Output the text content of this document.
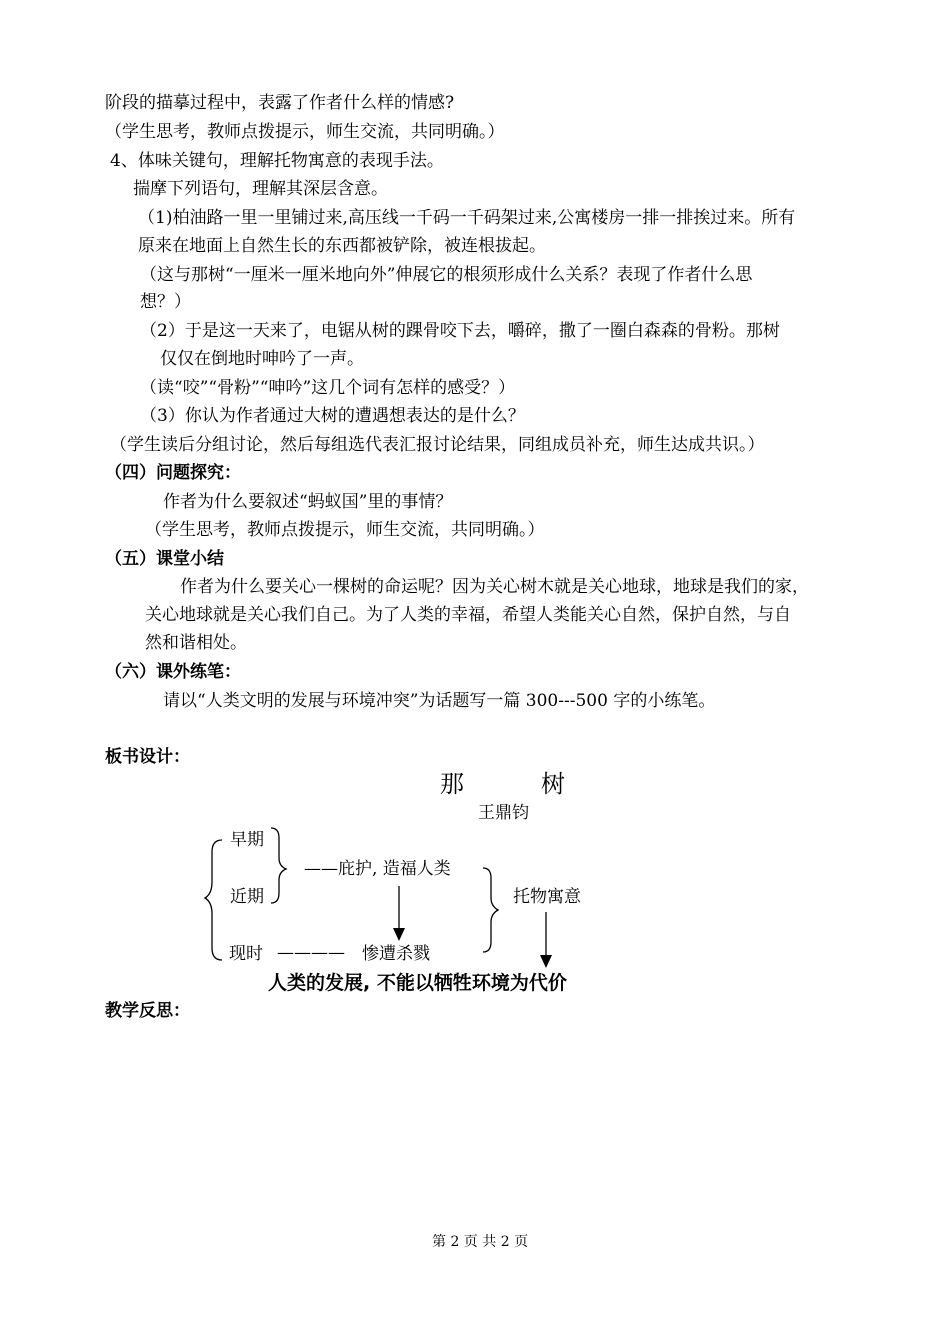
阶段的描摹过程中，表露了作者什么样的情感?
（学生思考，教师点拨提示，师生交流，共同明确。）
4、体味关键句，理解托物寓意的表现手法。
揣摩下列语句，理解其深层含意。
（1)柏油路一里一里铺过来,高压线一千码一千码架过来,公寓楼房一排一排挨过来。所有
原来在地面上自然生长的东西都被铲除，被连根拔起。
（这与那树“一厘米一厘米地向外”伸展它的根须形成什么关系？表现了作者什么思
想？）
（2）于是这一天来了，电锯从树的踝骨咬下去，嚼碎，撒了一圈白森森的骨粉。那树
仅仅在倒地时呻吟了一声。
（读“咬”“骨粉”“呻吟”这几个词有怎样的感受？）
（3）你认为作者通过大树的遭遇想表达的是什么？
（学生读后分组讨论，然后每组选代表汇报讨论结果，同组成员补充，师生达成共识。）
（四）问题探究：
作者为什么要叙述“蚂蚁国”里的事情？
（学生思考，教师点拨提示，师生交流，共同明确。）
（五）课堂小结
作者为什么要关心一棵树的命运呢？因为关心树木就是关心地球，地球是我们的家，
关心地球就是关心我们自己。为了人类的幸福，希望人类能关心自然，保护自然，与自
然和谐相处。
（六）课外练笔：
请以“人类文明的发展与环境冲突”为话题写一篇 300---500 字的小练笔。
板书设计：
那	树
王鼎钧
早期
近期
现时
——庇护, 造福人类
———— 惨遭杀戮
托物寓意
人类的发展, 不能以牺牲环境为代价
教学反思：
第 2 页 共 2 页
